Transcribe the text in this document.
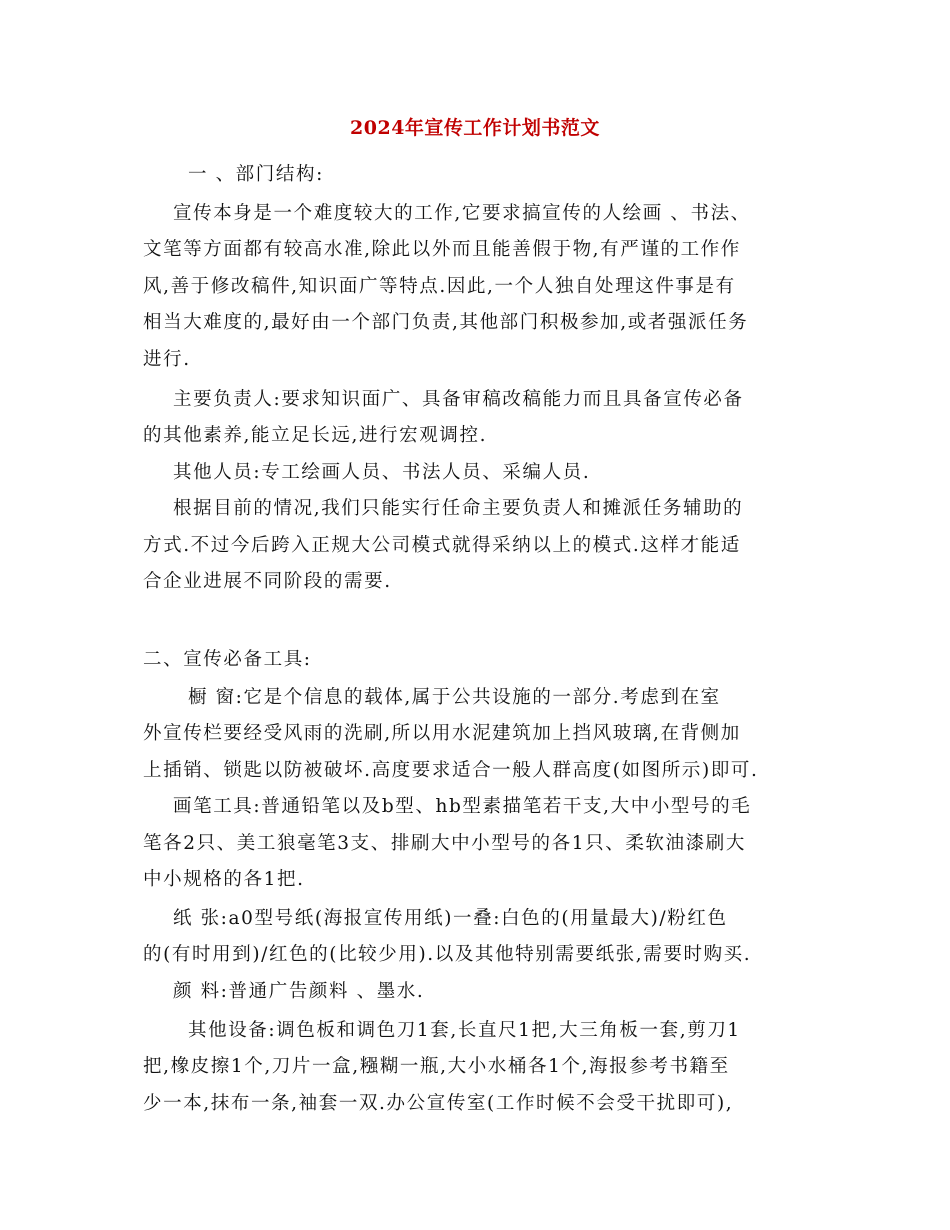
2024年宣传工作计划书范文
一 、部门结构:
宣传本身是一个难度较大的工作,它要求搞宣传的人绘画 、书法、
文笔等方面都有较高水准,除此以外而且能善假于物,有严谨的工作作
风,善于修改稿件,知识面广等特点.因此,一个人独自处理这件事是有
相当大难度的,最好由一个部门负责,其他部门积极参加,或者强派任务
进行.
主要负责人:要求知识面广、具备审稿改稿能力而且具备宣传必备
的其他素养,能立足长远,进行宏观调控.
其他人员:专工绘画人员、书法人员、采编人员.
根据目前的情况,我们只能实行任命主要负责人和摊派任务辅助的
方式.不过今后跨入正规大公司模式就得采纳以上的模式.这样才能适
合企业进展不同阶段的需要.
二、宣传必备工具:
橱 窗:它是个信息的载体,属于公共设施的一部分.考虑到在室
外宣传栏要经受风雨的洗刷,所以用水泥建筑加上挡风玻璃,在背侧加
上插销、锁匙以防被破坏.高度要求适合一般人群高度(如图所示)即可.
画笔工具:普通铅笔以及b型、hb型素描笔若干支,大中小型号的毛
笔各2只、美工狼毫笔3支、排刷大中小型号的各1只、柔软油漆刷大
中小规格的各1把.
纸 张:a0型号纸(海报宣传用纸)一叠:白色的(用量最大)/粉红色
的(有时用到)/红色的(比较少用).以及其他特别需要纸张,需要时购买.
颜 料:普通广告颜料 、墨水.
其他设备:调色板和调色刀1套,长直尺1把,大三角板一套,剪刀1
把,橡皮擦1个,刀片一盒,糨糊一瓶,大小水桶各1个,海报参考书籍至
少一本,抹布一条,袖套一双.办公宣传室(工作时候不会受干扰即可),
